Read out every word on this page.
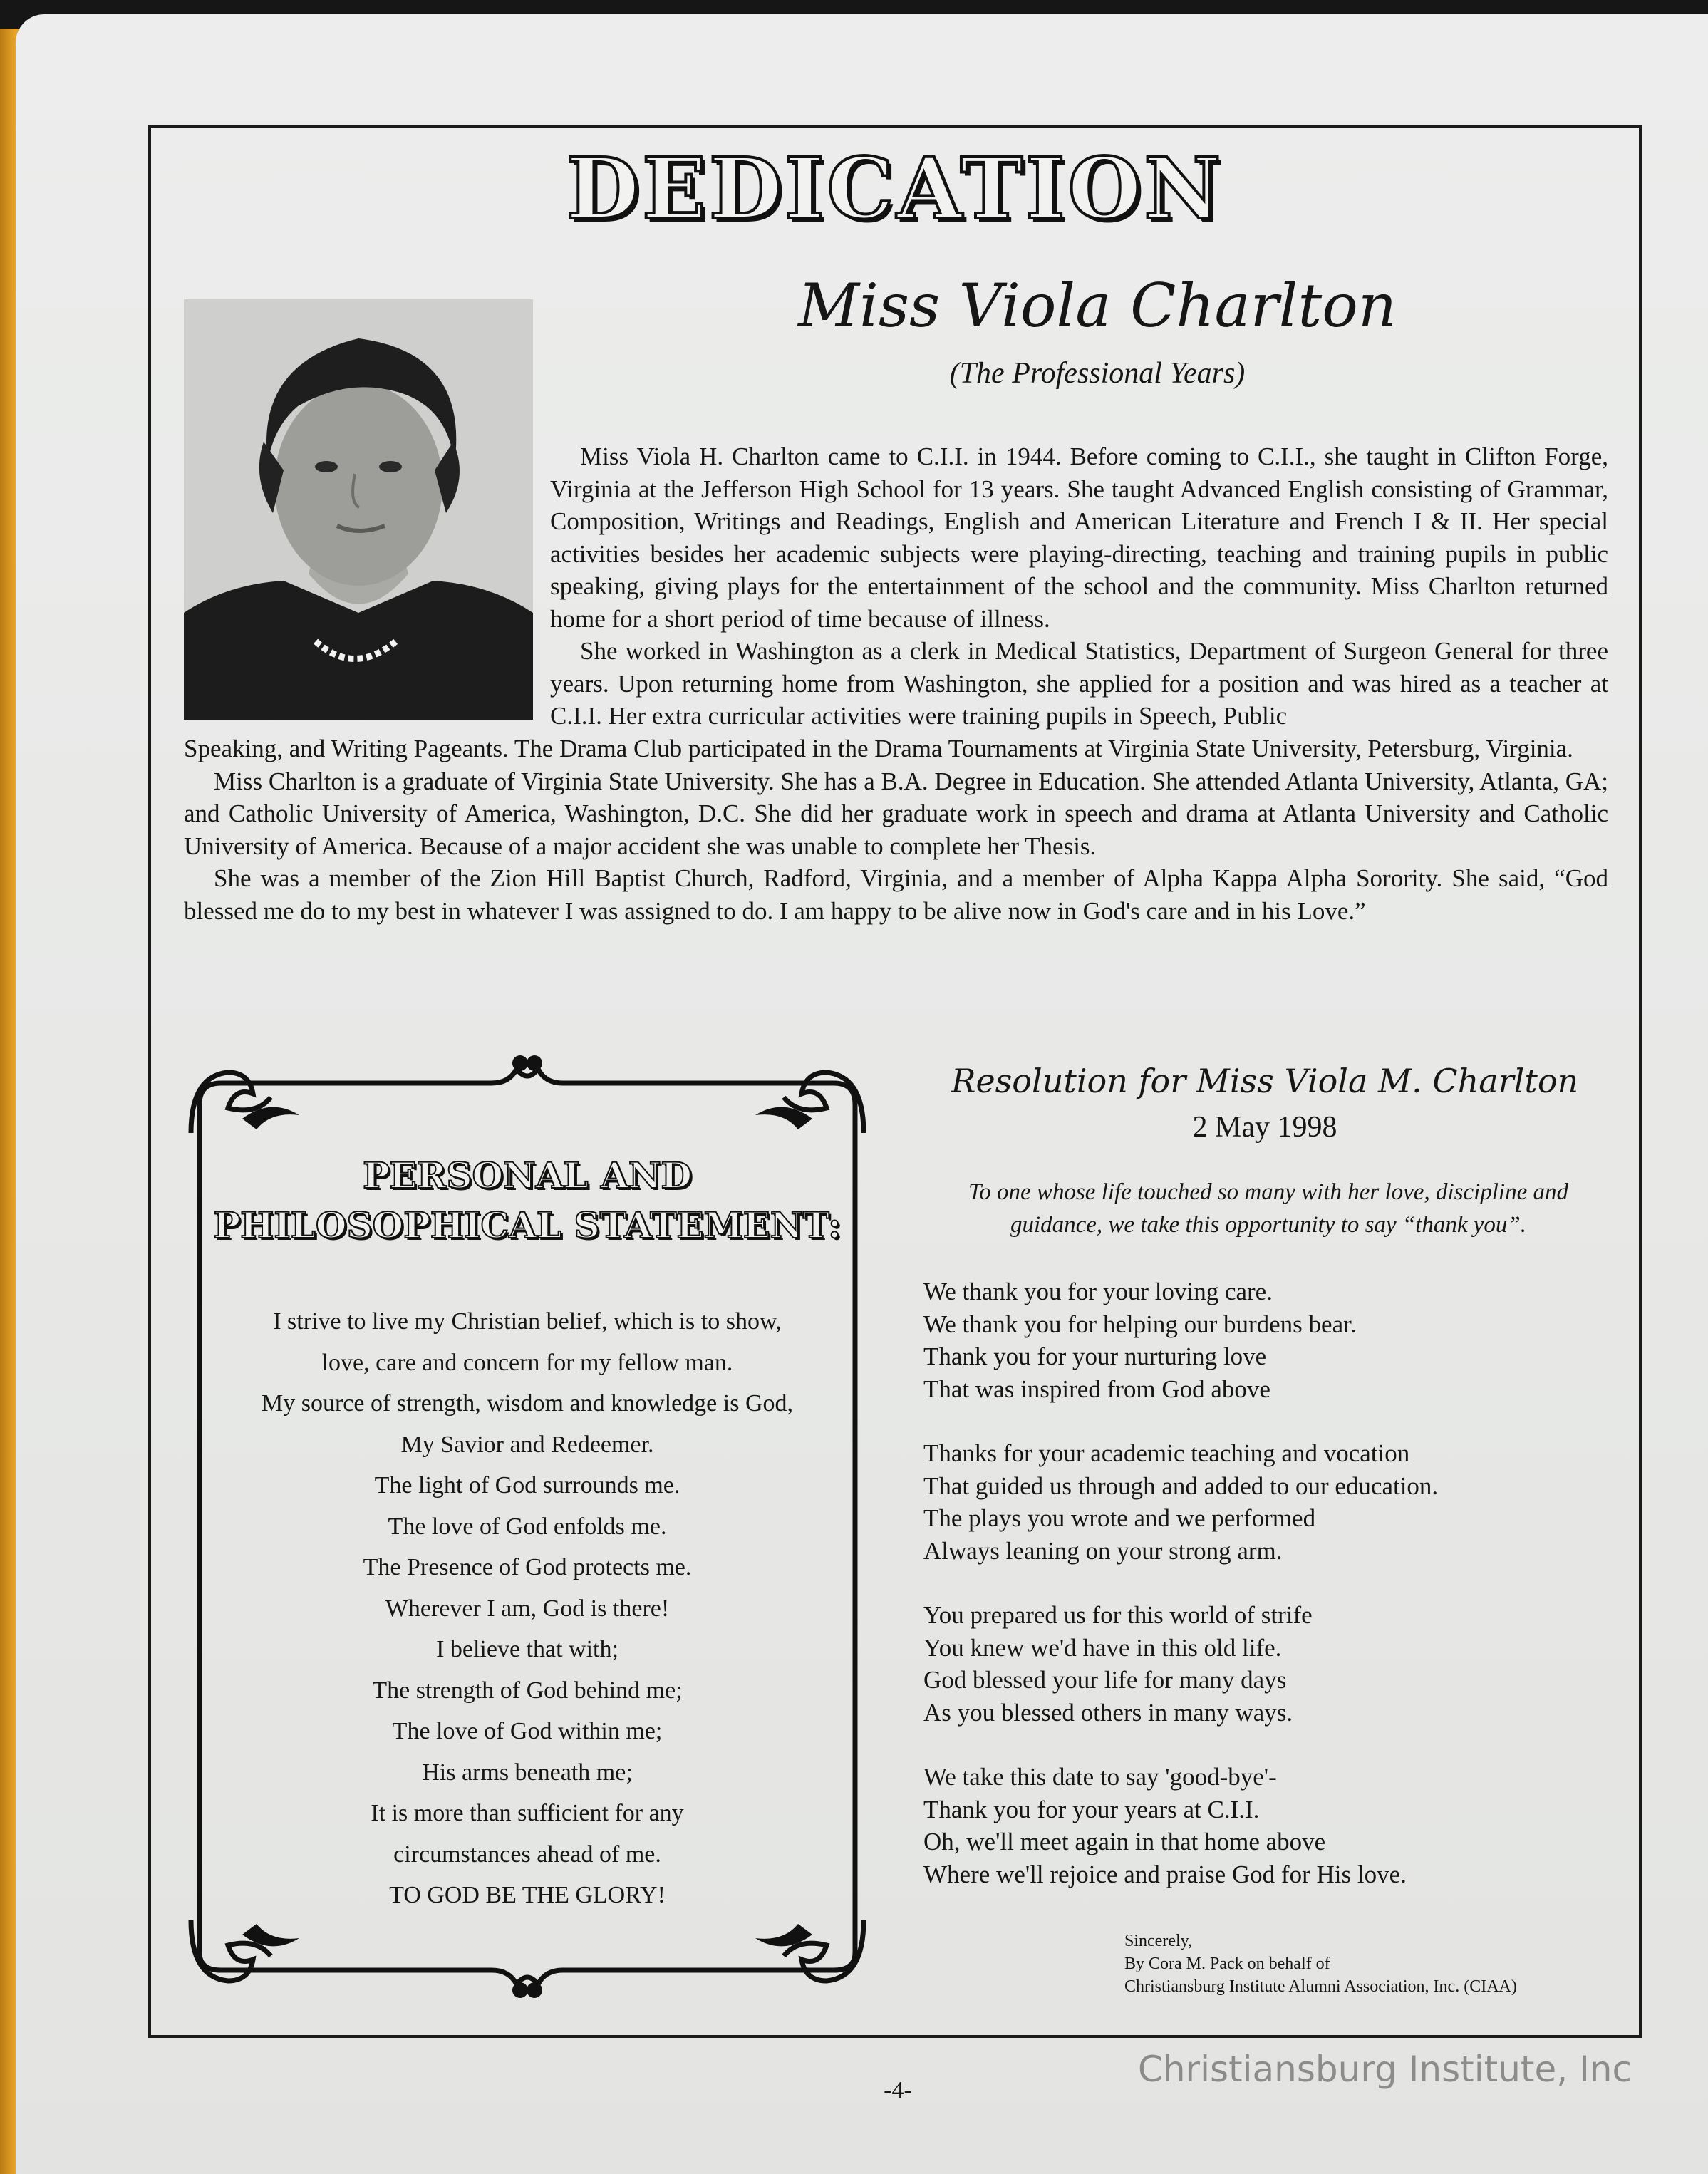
DEDICATION
Miss Viola Charlton
(The Professional Years)

Miss Viola H. Charlton came to C.I.I. in 1944. Before coming to C.I.I., she taught in Clifton Forge, Virginia at the Jefferson High School for 13 years. She taught Advanced English consisting of Grammar, Composition, Writings and Readings, English and American Literature and French I & II. Her special activities besides her academic subjects were playing-directing, teaching and training pupils in public speaking, giving plays for the entertainment of the school and the community. Miss Charlton returned home for a short period of time because of illness.

She worked in Washington as a clerk in Medical Statistics, Department of Surgeon General for three years. Upon returning home from Washington, she applied for a position and was hired as a teacher at C.I.I. Her extra curricular activities were training pupils in Speech, Public

Speaking, and Writing Pageants. The Drama Club participated in the Drama Tournaments at Virginia State University, Petersburg, Virginia.

Miss Charlton is a graduate of Virginia State University. She has a B.A. Degree in Education. She attended Atlanta University, Atlanta, GA; and Catholic University of America, Washington, D.C. She did her graduate work in speech and drama at Atlanta University and Catholic University of America. Because of a major accident she was unable to complete her Thesis.

She was a member of the Zion Hill Baptist Church, Radford, Virginia, and a member of Alpha Kappa Alpha Sorority. She said, “God blessed me do to my best in whatever I was assigned to do. I am happy to be alive now in God's care and in his Love.”

PERSONAL AND
PHILOSOPHICAL STATEMENT:
I strive to live my Christian belief, which is to show,
love, care and concern for my fellow man.
My source of strength, wisdom and knowledge is God,
My Savior and Redeemer.
The light of God surrounds me.
The love of God enfolds me.
The Presence of God protects me.
Wherever I am, God is there!
I believe that with;
The strength of God behind me;
The love of God within me;
His arms beneath me;
It is more than sufficient for any
circumstances ahead of me.
TO GOD BE THE GLORY!
Resolution for Miss Viola M. Charlton
2 May 1998
To one whose life touched so many with her love, discipline and guidance, we take this opportunity to say “thank you”.
We thank you for your loving care.
We thank you for helping our burdens bear.
Thank you for your nurturing love
That was inspired from God above
Thanks for your academic teaching and vocation
That guided us through and added to our education.
The plays you wrote and we performed
Always leaning on your strong arm.
You prepared us for this world of strife
You knew we'd have in this old life.
God blessed your life for many days
As you blessed others in many ways.
We take this date to say 'good-bye'-
Thank you for your years at C.I.I.
Oh, we'll meet again in that home above
Where we'll rejoice and praise God for His love.
Sincerely,
By Cora M. Pack on behalf of
Christiansburg Institute Alumni Association, Inc. (CIAA)
-4-
Christiansburg Institute, Inc
